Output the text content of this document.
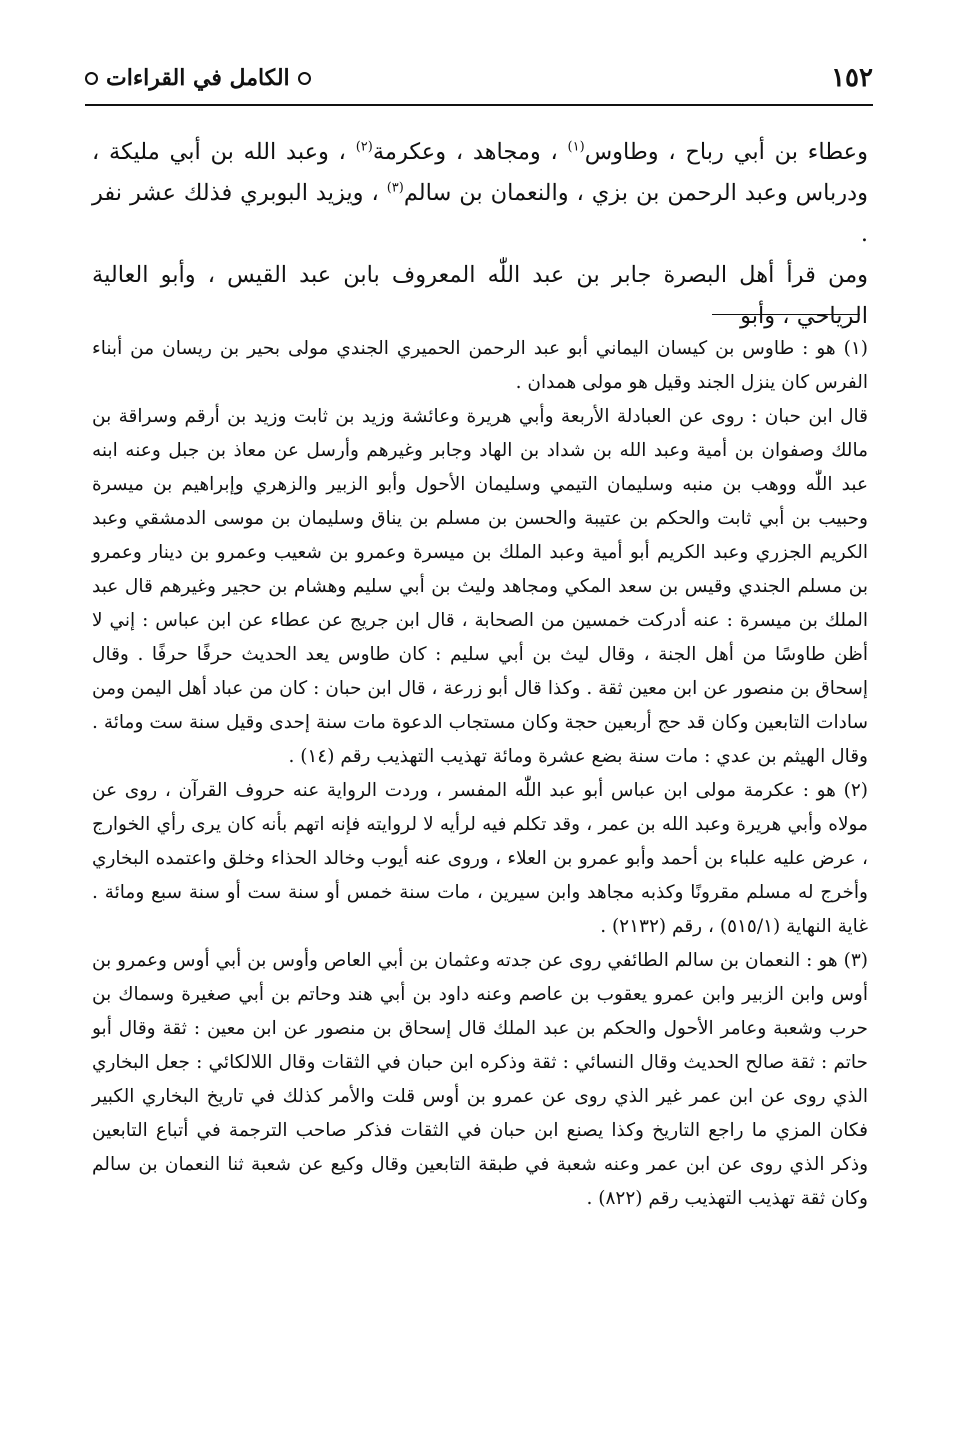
١٥٢
الكامل في القراءات

وعطاء بن أبي رباح ، وطاوس$^{(١)}$ ، ومجاهد ، وعكرمة$^{(٢)}$ ، وعبد الله بن أبي مليكة ، ودرباس وعبد الرحمن بن بزي ، والنعمان بن سالم$^{(٣)}$ ، ويزيد البوبري فذلك عشر نفر .

ومن قرأ أهل البصرة جابر بن عبد اللّٰه المعروف بابن عبد القيس ، وأبو العالية الرياحي ، وأبو

(١) هو : طاوس بن كيسان اليماني أبو عبد الرحمن الحميري الجندي مولى بحير بن ريسان من أبناء الفرس كان ينزل الجند وقيل هو مولى همدان .

قال ابن حبان : روى عن العبادلة الأربعة وأبي هريرة وعائشة وزيد بن ثابت وزيد بن أرقم وسراقة بن مالك وصفوان بن أمية وعبد الله بن شداد بن الهاد وجابر وغيرهم وأرسل عن معاذ بن جبل وعنه ابنه عبد اللّٰه ووهب بن منبه وسليمان التيمي وسليمان الأحول وأبو الزبير والزهري وإبراهيم بن ميسرة وحبيب بن أبي ثابت والحكم بن عتيبة والحسن بن مسلم بن يناق وسليمان بن موسى الدمشقي وعبد الكريم الجزري وعبد الكريم أبو أمية وعبد الملك بن ميسرة وعمرو بن شعيب وعمرو بن دينار وعمرو بن مسلم الجندي وقيس بن سعد المكي ومجاهد وليث بن أبي سليم وهشام بن حجير وغيرهم قال عبد الملك بن ميسرة : عنه أدركت خمسين من الصحابة ، قال ابن جريج عن عطاء عن ابن عباس : إني لا أظن طاوسًا من أهل الجنة ، وقال ليث بن أبي سليم : كان طاوس يعد الحديث حرفًا حرفًا . وقال إسحاق بن منصور عن ابن معين ثقة . وكذا قال أبو زرعة ، قال ابن حبان : كان من عباد أهل اليمن ومن سادات التابعين وكان قد حج أربعين حجة وكان مستجاب الدعوة مات سنة إحدى وقيل سنة ست ومائة . وقال الهيثم بن عدي : مات سنة بضع عشرة ومائة تهذيب التهذيب رقم (١٤) .

(٢) هو : عكرمة مولى ابن عباس أبو عبد اللّٰه المفسر ، وردت الرواية عنه حروف القرآن ، روى عن مولاه وأبي هريرة وعبد الله بن عمر ، وقد تكلم فيه لرأيه لا لروايته فإنه اتهم بأنه كان يرى رأي الخوارج ، عرض عليه علباء بن أحمد وأبو عمرو بن العلاء ، وروى عنه أيوب وخالد الحذاء وخلق واعتمده البخاري وأخرج له مسلم مقرونًا وكذبه مجاهد وابن سيرين ، مات سنة خمس أو سنة ست أو سنة سبع ومائة . غاية النهاية (٥١٥/١) ، رقم (٢١٣٢) .

(٣) هو : النعمان بن سالم الطائفي روى عن جدته وعثمان بن أبي العاص وأوس بن أبي أوس وعمرو بن أوس وابن الزبير وابن عمرو يعقوب بن عاصم وعنه داود بن أبي هند وحاتم بن أبي صغيرة وسماك بن حرب وشعبة وعامر الأحول والحكم بن عبد الملك قال إسحاق بن منصور عن ابن معين : ثقة وقال أبو حاتم : ثقة صالح الحديث وقال النسائي : ثقة وذكره ابن حبان في الثقات وقال اللالكائي : جعل البخاري الذي روى عن ابن عمر غير الذي روى عن عمرو بن أوس قلت والأمر كذلك في تاريخ البخاري الكبير فكان المزي ما راجع التاريخ وكذا يصنع ابن حبان في الثقات فذكر صاحب الترجمة في أتباع التابعين وذكر الذي روى عن ابن عمر وعنه شعبة في طبقة التابعين وقال وكيع عن شعبة ثنا النعمان بن سالم وكان ثقة تهذيب التهذيب رقم (٨٢٢) .
